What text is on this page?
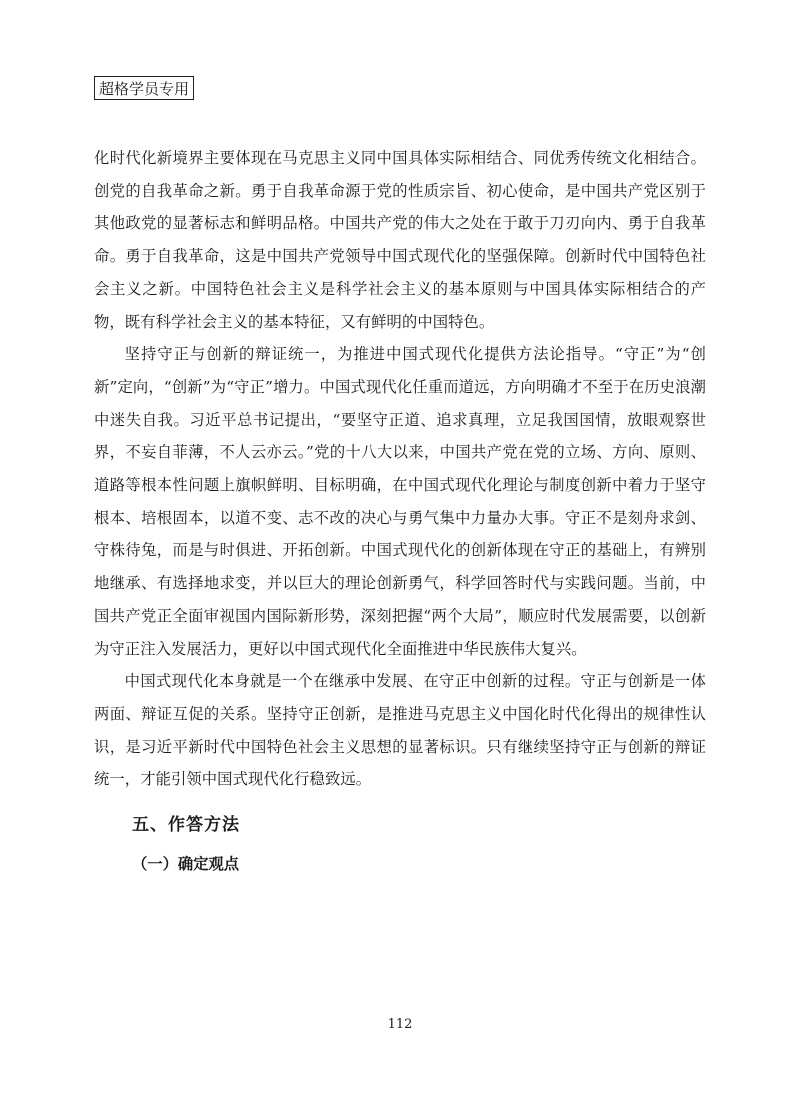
超格学员专用

化时代化新境界主要体现在马克思主义同中国具体实际相结合、同优秀传统文化相结合。创党的自我革命之新。勇于自我革命源于党的性质宗旨、初心使命，是中国共产党区别于其他政党的显著标志和鲜明品格。中国共产党的伟大之处在于敢于刀刃向内、勇于自我革命。勇于自我革命，这是中国共产党领导中国式现代化的坚强保障。创新时代中国特色社会主义之新。中国特色社会主义是科学社会主义的基本原则与中国具体实际相结合的产物，既有科学社会主义的基本特征，又有鲜明的中国特色。

坚持守正与创新的辩证统一，为推进中国式现代化提供方法论指导。“守正”为“创新”定向，“创新”为“守正”增力。中国式现代化任重而道远，方向明确才不至于在历史浪潮中迷失自我。习近平总书记提出，“要坚守正道、追求真理，立足我国国情，放眼观察世界，不妄自菲薄，不人云亦云。”党的十八大以来，中国共产党在党的立场、方向、原则、道路等根本性问题上旗帜鲜明、目标明确，在中国式现代化理论与制度创新中着力于坚守根本、培根固本，以道不变、志不改的决心与勇气集中力量办大事。守正不是刻舟求剑、守株待兔，而是与时俱进、开拓创新。中国式现代化的创新体现在守正的基础上，有辨别地继承、有选择地求变，并以巨大的理论创新勇气，科学回答时代与实践问题。当前，中国共产党正全面审视国内国际新形势，深刻把握“两个大局”，顺应时代发展需要，以创新为守正注入发展活力，更好以中国式现代化全面推进中华民族伟大复兴。

中国式现代化本身就是一个在继承中发展、在守正中创新的过程。守正与创新是一体两面、辩证互促的关系。坚持守正创新，是推进马克思主义中国化时代化得出的规律性认识，是习近平新时代中国特色社会主义思想的显著标识。只有继续坚持守正与创新的辩证统一，才能引领中国式现代化行稳致远。

五、作答方法
（一）确定观点
112
